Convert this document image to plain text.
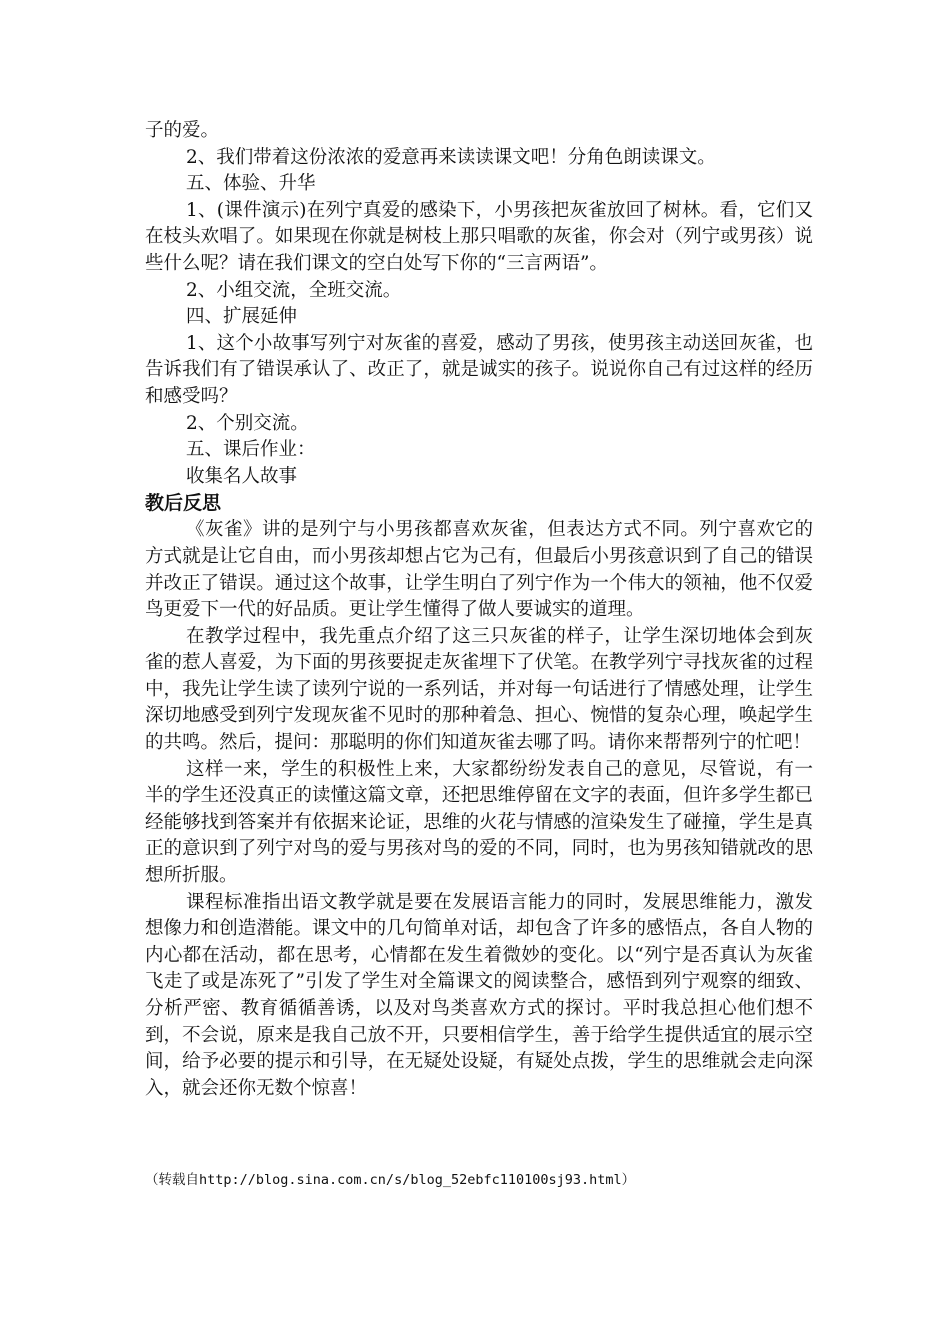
子的爱。

2、我们带着这份浓浓的爱意再来读读课文吧！分角色朗读课文。

五、体验、升华

1、(课件演示)在列宁真爱的感染下，小男孩把灰雀放回了树林。看，它们又在枝头欢唱了。如果现在你就是树枝上那只唱歌的灰雀，你会对（列宁或男孩）说些什么呢？请在我们课文的空白处写下你的“三言两语”。

2、小组交流，全班交流。

四、扩展延伸

1、这个小故事写列宁对灰雀的喜爱，感动了男孩，使男孩主动送回灰雀，也告诉我们有了错误承认了、改正了，就是诚实的孩子。说说你自己有过这样的经历和感受吗？

2、个别交流。

五、课后作业：

收集名人故事

教后反思

《灰雀》讲的是列宁与小男孩都喜欢灰雀，但表达方式不同。列宁喜欢它的方式就是让它自由，而小男孩却想占它为己有，但最后小男孩意识到了自己的错误并改正了错误。通过这个故事，让学生明白了列宁作为一个伟大的领袖，他不仅爱鸟更爱下一代的好品质。更让学生懂得了做人要诚实的道理。

在教学过程中，我先重点介绍了这三只灰雀的样子，让学生深切地体会到灰雀的惹人喜爱，为下面的男孩要捉走灰雀埋下了伏笔。在教学列宁寻找灰雀的过程中，我先让学生读了读列宁说的一系列话，并对每一句话进行了情感处理，让学生深切地感受到列宁发现灰雀不见时的那种着急、担心、惋惜的复杂心理，唤起学生的共鸣。然后，提问：那聪明的你们知道灰雀去哪了吗。请你来帮帮列宁的忙吧！

这样一来，学生的积极性上来，大家都纷纷发表自己的意见，尽管说，有一半的学生还没真正的读懂这篇文章，还把思维停留在文字的表面，但许多学生都已经能够找到答案并有依据来论证，思维的火花与情感的渲染发生了碰撞，学生是真正的意识到了列宁对鸟的爱与男孩对鸟的爱的不同，同时，也为男孩知错就改的思想所折服。

课程标准指出语文教学就是要在发展语言能力的同时，发展思维能力，激发想像力和创造潜能。课文中的几句简单对话，却包含了许多的感悟点，各自人物的内心都在活动，都在思考，心情都在发生着微妙的变化。以“列宁是否真认为灰雀飞走了或是冻死了”引发了学生对全篇课文的阅读整合，感悟到列宁观察的细致、分析严密、教育循循善诱，以及对鸟类喜欢方式的探讨。平时我总担心他们想不到，不会说，原来是我自己放不开，只要相信学生，善于给学生提供适宜的展示空间，给予必要的提示和引导，在无疑处设疑，有疑处点拨，学生的思维就会走向深入，就会还你无数个惊喜！

（转载自http://blog.sina.com.cn/s/blog_52ebfc110100sj93.html）
